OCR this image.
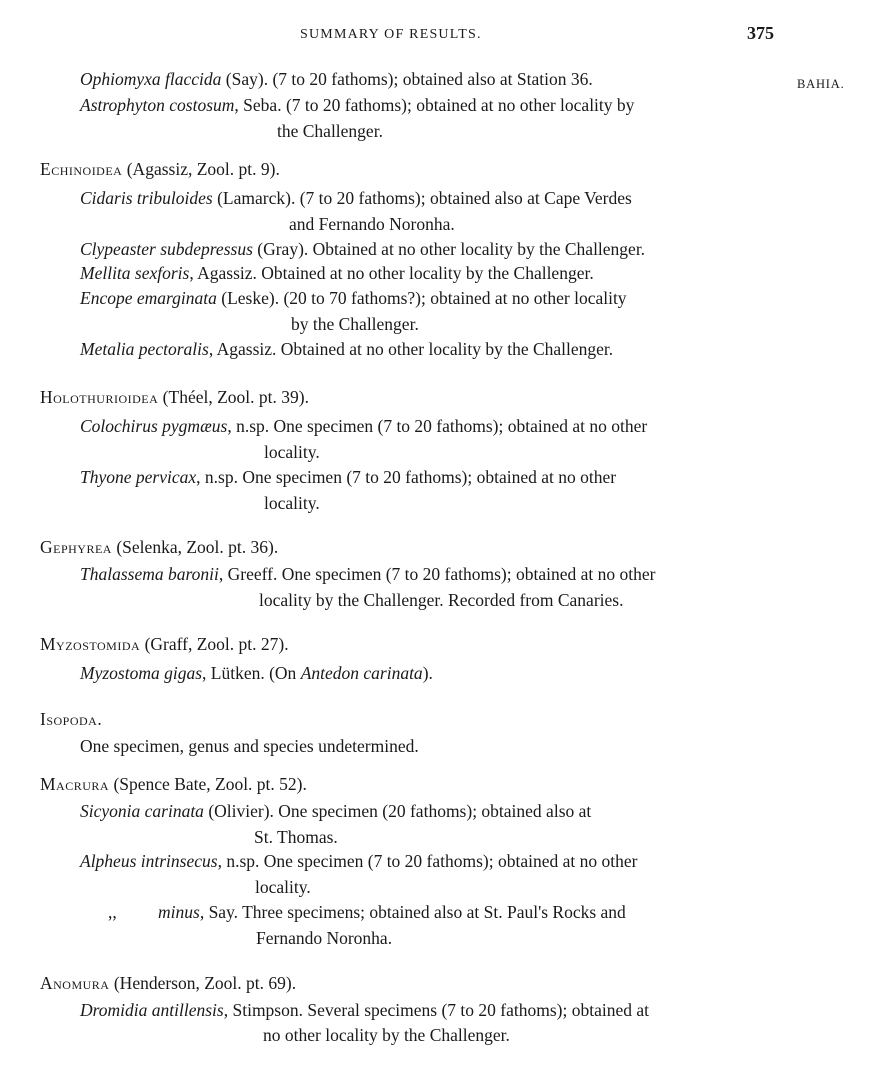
SUMMARY OF RESULTS.	375
BAHIA.
Ophiomyxa flaccida (Say). (7 to 20 fathoms); obtained also at Station 36.
Astrophyton costosum, Seba. (7 to 20 fathoms); obtained at no other locality by
the Challenger.
Echinoidea (Agassiz, Zool. pt. 9).
Cidaris tribuloides (Lamarck). (7 to 20 fathoms); obtained also at Cape Verdes
and Fernando Noronha.
Clypeaster subdepressus (Gray). Obtained at no other locality by the Challenger.
Mellita sexforis, Agassiz. Obtained at no other locality by the Challenger.
Encope emarginata (Leske). (20 to 70 fathoms?); obtained at no other locality
by the Challenger.
Metalia pectoralis, Agassiz. Obtained at no other locality by the Challenger.
Holothurioidea (Théel, Zool. pt. 39).
Colochirus pygmæus, n.sp. One specimen (7 to 20 fathoms); obtained at no other
locality.
Thyone pervicax, n.sp. One specimen (7 to 20 fathoms); obtained at no other
locality.
Gephyrea (Selenka, Zool. pt. 36).
Thalassema baronii, Greeff. One specimen (7 to 20 fathoms); obtained at no other
locality by the Challenger. Recorded from Canaries.
Myzostomida (Graff, Zool. pt. 27).
Myzostoma gigas, Lütken. (On Antedon carinata).
Isopoda.
One specimen, genus and species undetermined.
Macrura (Spence Bate, Zool. pt. 52).
Sicyonia carinata (Olivier). One specimen (20 fathoms); obtained also at
St. Thomas.
Alpheus intrinsecus, n.sp. One specimen (7 to 20 fathoms); obtained at no other
locality.
,, minus, Say. Three specimens; obtained also at St. Paul's Rocks and
Fernando Noronha.
Anomura (Henderson, Zool. pt. 69).
Dromidia antillensis, Stimpson. Several specimens (7 to 20 fathoms); obtained at
no other locality by the Challenger.
